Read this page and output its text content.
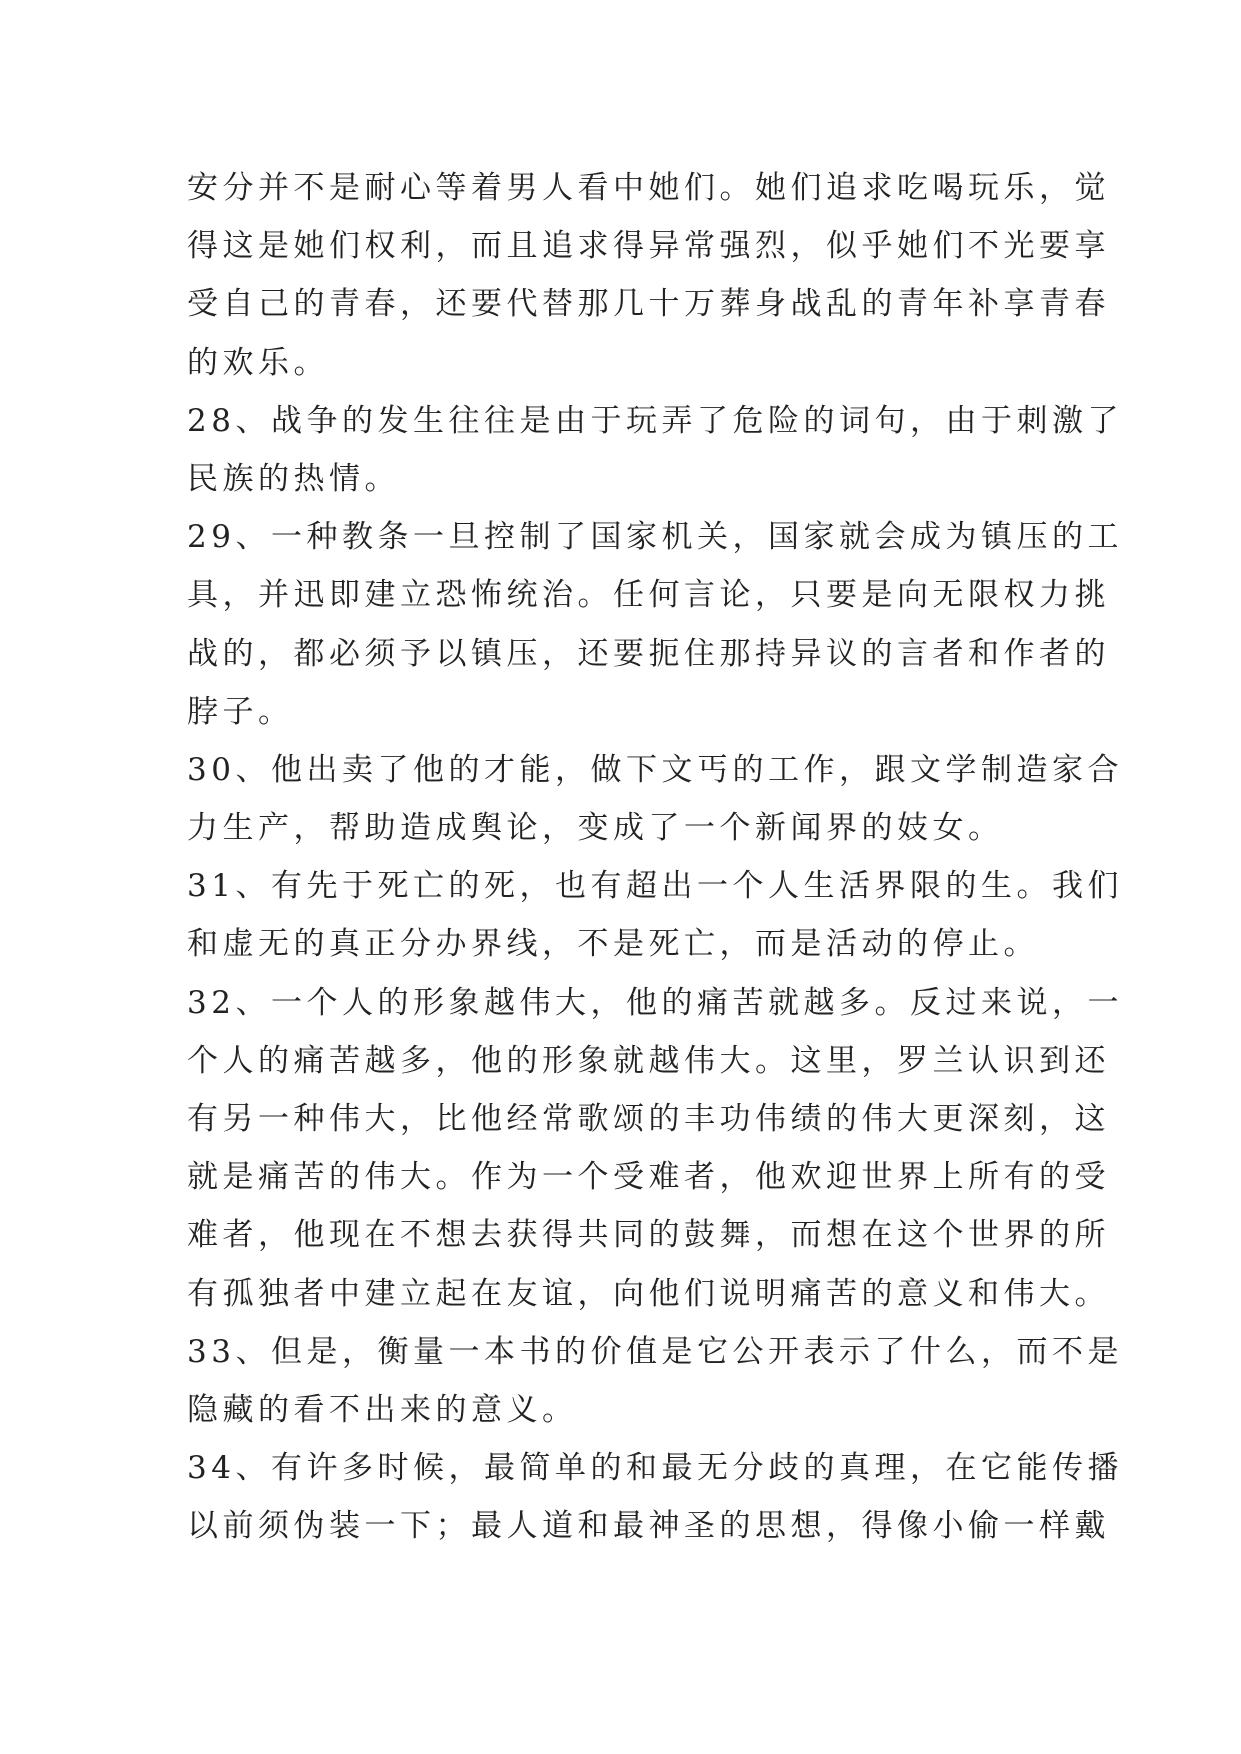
安分并不是耐心等着男人看中她们。她们追求吃喝玩乐，觉
得这是她们权利，而且追求得异常强烈，似乎她们不光要享
受自己的青春，还要代替那几十万葬身战乱的青年补享青春
的欢乐。
28、战争的发生往往是由于玩弄了危险的词句，由于刺激了
民族的热情。
29、一种教条一旦控制了国家机关，国家就会成为镇压的工
具，并迅即建立恐怖统治。任何言论，只要是向无限权力挑
战的，都必须予以镇压，还要扼住那持异议的言者和作者的
脖子。
30、他出卖了他的才能，做下文丐的工作，跟文学制造家合
力生产，帮助造成舆论，变成了一个新闻界的妓女。
31、有先于死亡的死，也有超出一个人生活界限的生。我们
和虚无的真正分办界线，不是死亡，而是活动的停止。
32、一个人的形象越伟大，他的痛苦就越多。反过来说，一
个人的痛苦越多，他的形象就越伟大。这里，罗兰认识到还
有另一种伟大，比他经常歌颂的丰功伟绩的伟大更深刻，这
就是痛苦的伟大。作为一个受难者，他欢迎世界上所有的受
难者，他现在不想去获得共同的鼓舞，而想在这个世界的所
有孤独者中建立起在友谊，向他们说明痛苦的意义和伟大。
33、但是，衡量一本书的价值是它公开表示了什么，而不是
隐藏的看不出来的意义。
34、有许多时候，最简单的和最无分歧的真理，在它能传播
以前须伪装一下；最人道和最神圣的思想，得像小偷一样戴
